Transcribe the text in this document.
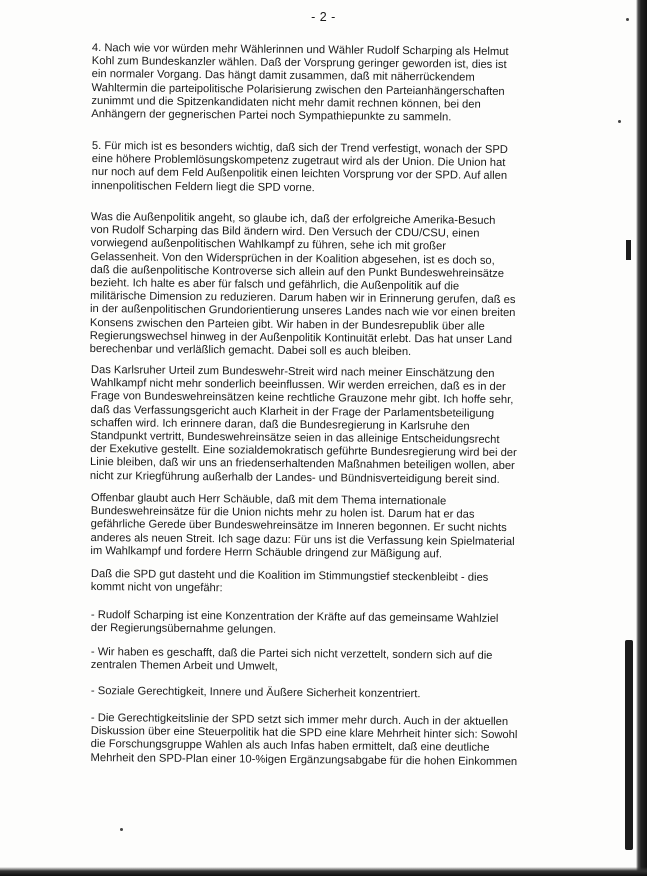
- 2 -
4. Nach wie vor würden mehr Wählerinnen und Wähler Rudolf Scharping als Helmut
Kohl zum Bundeskanzler wählen. Daß der Vorsprung geringer geworden ist, dies ist
ein normaler Vorgang. Das hängt damit zusammen, daß mit näherrückendem
Wahltermin die parteipolitische Polarisierung zwischen den Parteianhängerschaften
zunimmt und die Spitzenkandidaten nicht mehr damit rechnen können, bei den
Anhängern der gegnerischen Partei noch Sympathiepunkte zu sammeln.
5. Für mich ist es besonders wichtig, daß sich der Trend verfestigt, wonach der SPD
eine höhere Problemlösungskompetenz zugetraut wird als der Union. Die Union hat
nur noch auf dem Feld Außenpolitik einen leichten Vorsprung vor der SPD. Auf allen
innenpolitischen Feldern liegt die SPD vorne.
Was die Außenpolitik angeht, so glaube ich, daß der erfolgreiche Amerika-Besuch
von Rudolf Scharping das Bild ändern wird. Den Versuch der CDU/CSU, einen
vorwiegend außenpolitischen Wahlkampf zu führen, sehe ich mit großer
Gelassenheit. Von den Widersprüchen in der Koalition abgesehen, ist es doch so,
daß die außenpolitische Kontroverse sich allein auf den Punkt Bundeswehreinsätze
bezieht. Ich halte es aber für falsch und gefährlich, die Außenpolitik auf die
militärische Dimension zu reduzieren. Darum haben wir in Erinnerung gerufen, daß es
in der außenpolitischen Grundorientierung unseres Landes nach wie vor einen breiten
Konsens zwischen den Parteien gibt. Wir haben in der Bundesrepublik über alle
Regierungswechsel hinweg in der Außenpolitik Kontinuität erlebt. Das hat unser Land
berechenbar und verläßlich gemacht. Dabei soll es auch bleiben.
Das Karlsruher Urteil zum Bundeswehr-Streit wird nach meiner Einschätzung den
Wahlkampf nicht mehr sonderlich beeinflussen. Wir werden erreichen, daß es in der
Frage von Bundeswehreinsätzen keine rechtliche Grauzone mehr gibt. Ich hoffe sehr,
daß das Verfassungsgericht auch Klarheit in der Frage der Parlamentsbeteiligung
schaffen wird. Ich erinnere daran, daß die Bundesregierung in Karlsruhe den
Standpunkt vertritt, Bundeswehreinsätze seien in das alleinige Entscheidungsrecht
der Exekutive gestellt. Eine sozialdemokratisch geführte Bundesregierung wird bei der
Linie bleiben, daß wir uns an friedenserhaltenden Maßnahmen beteiligen wollen, aber
nicht zur Kriegführung außerhalb der Landes- und Bündnisverteidigung bereit sind.
Offenbar glaubt auch Herr Schäuble, daß mit dem Thema internationale
Bundeswehreinsätze für die Union nichts mehr zu holen ist. Darum hat er das
gefährliche Gerede über Bundeswehreinsätze im Inneren begonnen. Er sucht nichts
anderes als neuen Streit. Ich sage dazu: Für uns ist die Verfassung kein Spielmaterial
im Wahlkampf und fordere Herrn Schäuble dringend zur Mäßigung auf.
Daß die SPD gut dasteht und die Koalition im Stimmungstief steckenbleibt - dies
kommt nicht von ungefähr:
- Rudolf Scharping ist eine Konzentration der Kräfte auf das gemeinsame Wahlziel
der Regierungsübernahme gelungen.
- Wir haben es geschafft, daß die Partei sich nicht verzettelt, sondern sich auf die
zentralen Themen Arbeit und Umwelt,
- Soziale Gerechtigkeit, Innere und Äußere Sicherheit konzentriert.
- Die Gerechtigkeitslinie der SPD setzt sich immer mehr durch. Auch in der aktuellen
Diskussion über eine Steuerpolitik hat die SPD eine klare Mehrheit hinter sich: Sowohl
die Forschungsgruppe Wahlen als auch Infas haben ermittelt, daß eine deutliche
Mehrheit den SPD-Plan einer 10-%igen Ergänzungsabgabe für die hohen Einkommen
